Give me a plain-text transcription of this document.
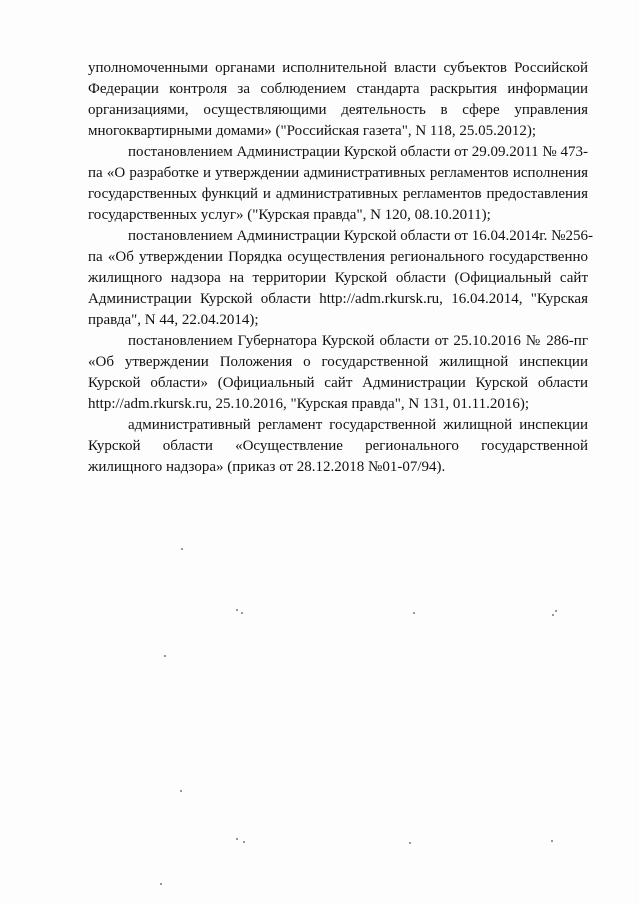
уполномоченными органами исполнительной власти субъектов Российской
Федерации контроля за соблюдением стандарта раскрытия информации
организациями, осуществляющими деятельность в сфере управления
многоквартирными домами» ("Российская газета", N 118, 25.05.2012);
постановлением Администрации Курской области от 29.09.2011 № 473-
па «О разработке и утверждении административных регламентов исполнения
государственных функций и административных регламентов предоставления
государственных услуг» ("Курская правда", N 120, 08.10.2011);
постановлением Администрации Курской области от 16.04.2014г. №256-
па «Об утверждении Порядка осуществления регионального государственно
жилищного надзора на территории Курской области (Официальный сайт
Администрации Курской области http://adm.rkursk.ru, 16.04.2014, "Курская
правда", N 44, 22.04.2014);
постановлением Губернатора Курской области от 25.10.2016 № 286-пг
«Об утверждении Положения о государственной жилищной инспекции
Курской области» (Официальный сайт Администрации Курской области
http://adm.rkursk.ru, 25.10.2016, "Курская правда", N 131, 01.11.2016);
административный регламент государственной жилищной инспекции
Курской области «Осуществление регионального государственной
жилищного надзора» (приказ от 28.12.2018 №01-07/94).
